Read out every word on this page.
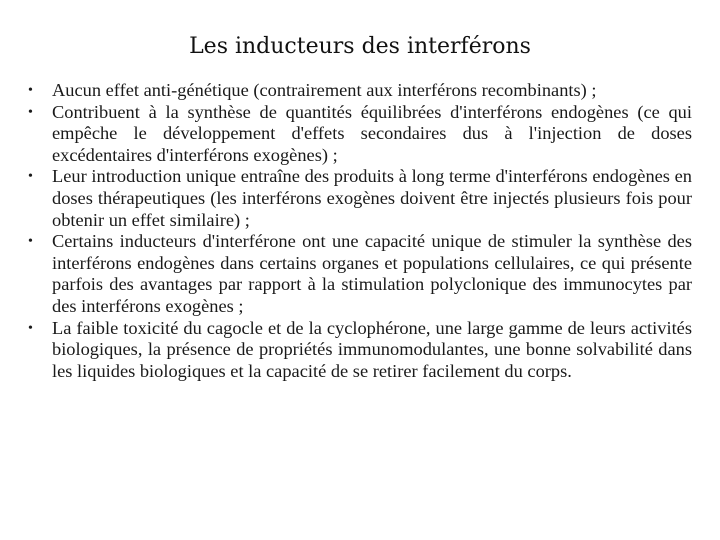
Les inducteurs des interférons
• Aucun effet anti-génétique (contrairement aux interférons recombinants) ;
• Contribuent à la synthèse de quantités équilibrées d'interférons endogènes (ce qui empêche le développement d'effets secondaires dus à l'injection de doses excédentaires d'interférons exogènes) ;
• Leur introduction unique entraîne des produits à long terme d'interférons endogènes en doses thérapeutiques (les interférons exogènes doivent être injectés plusieurs fois pour obtenir un effet similaire) ;
• Certains inducteurs d'interférone ont une capacité unique de stimuler la synthèse des interférons endogènes dans certains organes et populations cellulaires, ce qui présente parfois des avantages par rapport à la stimulation polyclonique des immunocytes par des interférons exogènes ;
• La faible toxicité du cagocle et de la cyclophérone, une large gamme de leurs activités biologiques, la présence de propriétés immunomodulantes, une bonne solvabilité dans les liquides biologiques et la capacité de se retirer facilement du corps.
